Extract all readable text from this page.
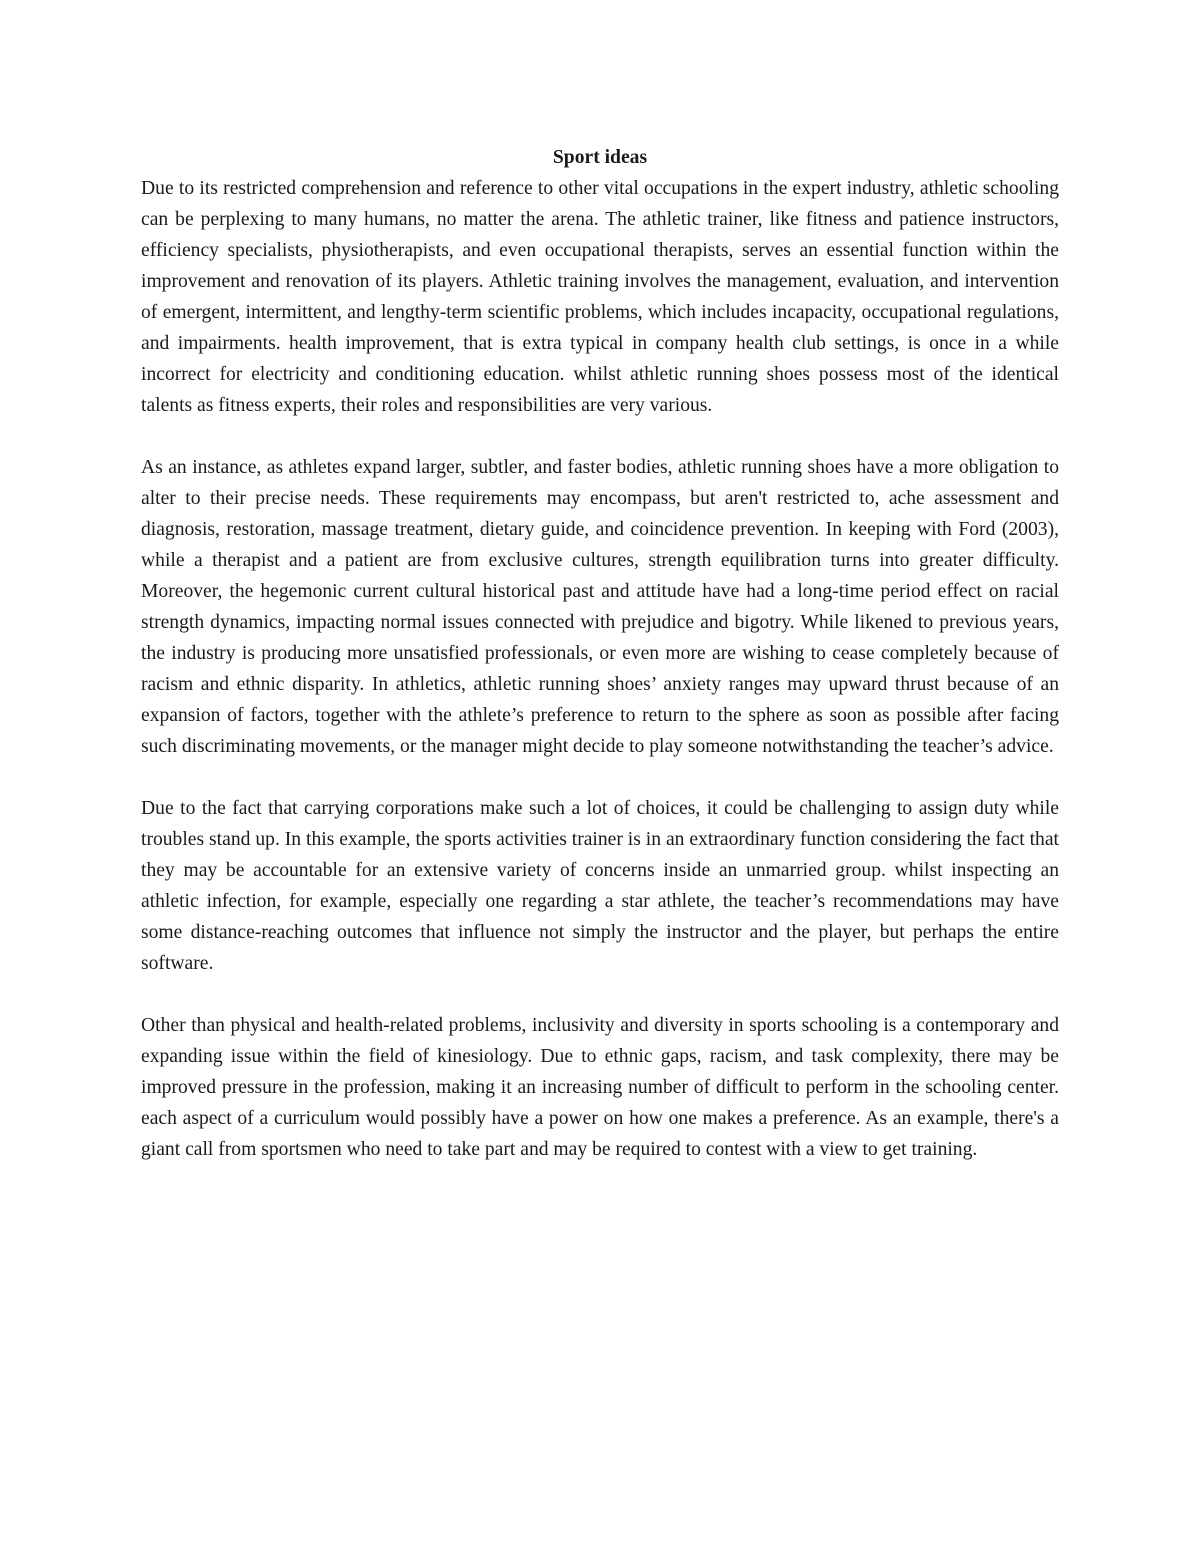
Sport ideas

Due to its restricted comprehension and reference to other vital occupations in the expert industry, athletic schooling can be perplexing to many humans, no matter the arena. The athletic trainer, like fitness and patience instructors, efficiency specialists, physiotherapists, and even occupational therapists, serves an essential function within the improvement and renovation of its players. Athletic training involves the management, evaluation, and intervention of emergent, intermittent, and lengthy-term scientific problems, which includes incapacity, occupational regulations, and impairments. health improvement, that is extra typical in company health club settings, is once in a while incorrect for electricity and conditioning education. whilst athletic running shoes possess most of the identical talents as fitness experts, their roles and responsibilities are very various.

As an instance, as athletes expand larger, subtler, and faster bodies, athletic running shoes have a more obligation to alter to their precise needs. These requirements may encompass, but aren't restricted to, ache assessment and diagnosis, restoration, massage treatment, dietary guide, and coincidence prevention. In keeping with Ford (2003), while a therapist and a patient are from exclusive cultures, strength equilibration turns into greater difficulty. Moreover, the hegemonic current cultural historical past and attitude have had a long-time period effect on racial strength dynamics, impacting normal issues connected with prejudice and bigotry. While likened to previous years, the industry is producing more unsatisfied professionals, or even more are wishing to cease completely because of racism and ethnic disparity. In athletics, athletic running shoes’ anxiety ranges may upward thrust because of an expansion of factors, together with the athlete’s preference to return to the sphere as soon as possible after facing such discriminating movements, or the manager might decide to play someone notwithstanding the teacher’s advice.

Due to the fact that carrying corporations make such a lot of choices, it could be challenging to assign duty while troubles stand up. In this example, the sports activities trainer is in an extraordinary function considering the fact that they may be accountable for an extensive variety of concerns inside an unmarried group. whilst inspecting an athletic infection, for example, especially one regarding a star athlete, the teacher’s recommendations may have some distance-reaching outcomes that influence not simply the instructor and the player, but perhaps the entire software.

Other than physical and health-related problems, inclusivity and diversity in sports schooling is a contemporary and expanding issue within the field of kinesiology. Due to ethnic gaps, racism, and task complexity, there may be improved pressure in the profession, making it an increasing number of difficult to perform in the schooling center. each aspect of a curriculum would possibly have a power on how one makes a preference. As an example, there's a giant call from sportsmen who need to take part and may be required to contest with a view to get training.
